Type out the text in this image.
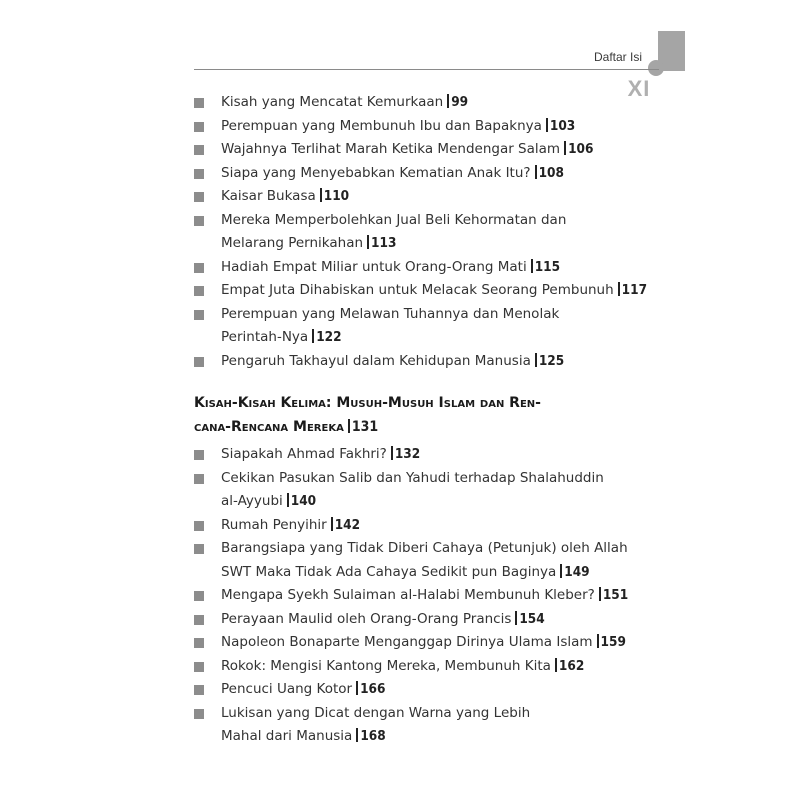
Daftar Isi
XI
Kisah yang Mencatat Kemurkaan 99
Perempuan yang Membunuh Ibu dan Bapaknya 103
Wajahnya Terlihat Marah Ketika Mendengar Salam 106
Siapa yang Menyebabkan Kematian Anak Itu? 108
Kaisar Bukasa 110
Mereka Memperbolehkan Jual Beli Kehormatan dan
Melarang Pernikahan 113
Hadiah Empat Miliar untuk Orang-Orang Mati 115
Empat Juta Dihabiskan untuk Melacak Seorang Pembunuh 117
Perempuan yang Melawan Tuhannya dan Menolak
Perintah-Nya 122
Pengaruh Takhayul dalam Kehidupan Manusia 125
Kisah-Kisah Kelima: Musuh-Musuh Islam dan Ren-
cana-Rencana Mereka 131
Siapakah Ahmad Fakhri? 132
Cekikan Pasukan Salib dan Yahudi terhadap Shalahuddin
al-Ayyubi 140
Rumah Penyihir 142
Barangsiapa yang Tidak Diberi Cahaya (Petunjuk) oleh Allah
SWT Maka Tidak Ada Cahaya Sedikit pun Baginya 149
Mengapa Syekh Sulaiman al-Halabi Membunuh Kleber? 151
Perayaan Maulid oleh Orang-Orang Prancis 154
Napoleon Bonaparte Menganggap Dirinya Ulama Islam 159
Rokok: Mengisi Kantong Mereka, Membunuh Kita 162
Pencuci Uang Kotor 166
Lukisan yang Dicat dengan Warna yang Lebih
Mahal dari Manusia 168
